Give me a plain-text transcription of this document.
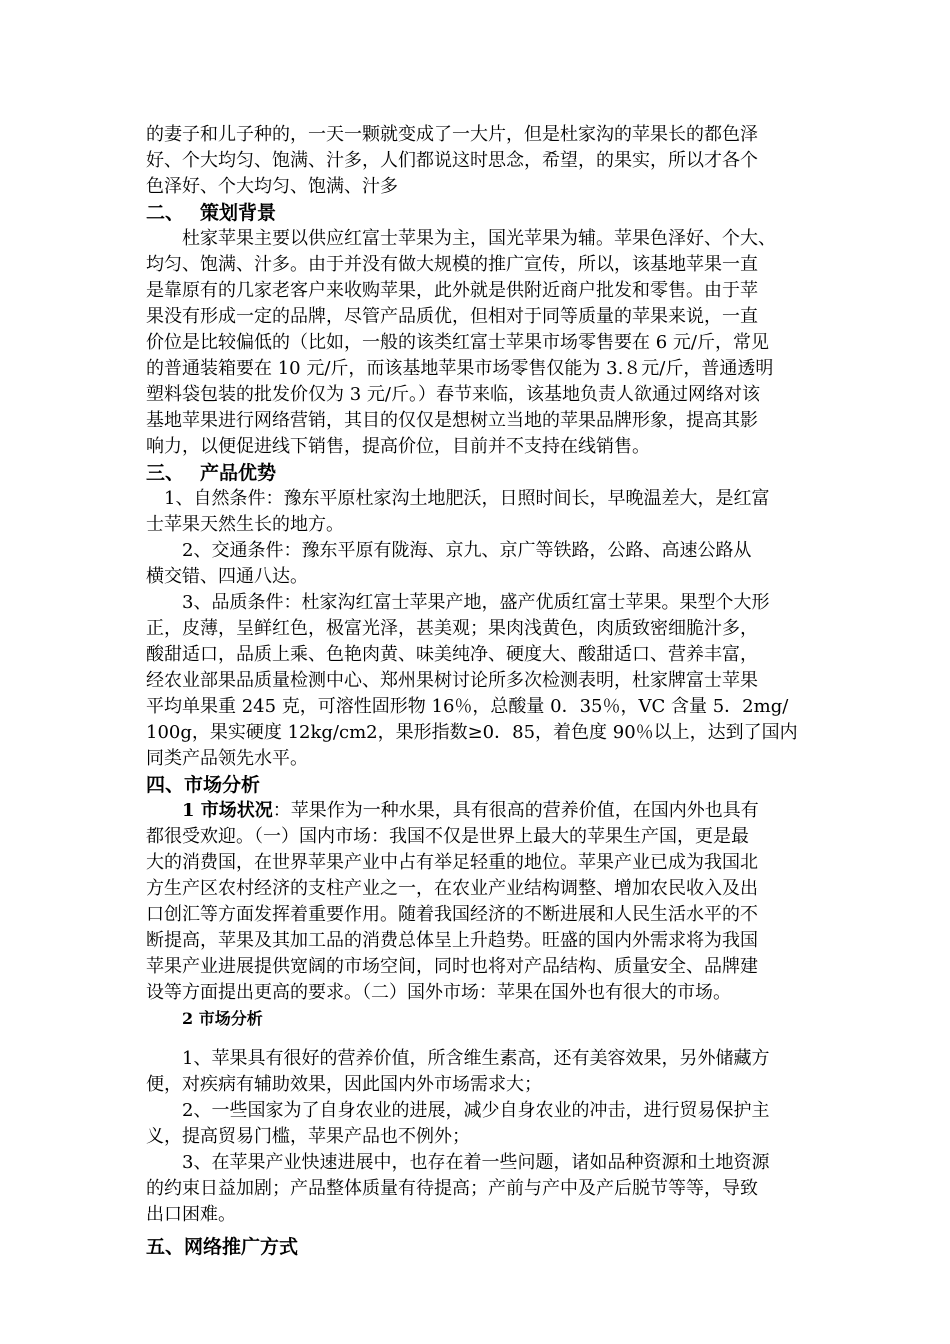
的妻子和儿子种的，一天一颗就变成了一大片，但是杜家沟的苹果长的都色泽
好、个大均匀、饱满、汁多，人们都说这时思念，希望，的果实，所以才各个
色泽好、个大均匀、饱满、汁多
二、 策划背景
杜家苹果主要以供应红富士苹果为主，国光苹果为辅。苹果色泽好、个大、
均匀、饱满、汁多。由于并没有做大规模的推广宣传，所以，该基地苹果一直
是靠原有的几家老客户来收购苹果，此外就是供附近商户批发和零售。由于苹
果没有形成一定的品牌，尽管产品质优，但相对于同等质量的苹果来说，一直
价位是比较偏低的（比如，一般的该类红富士苹果市场零售要在 6 元/斤，常见
的普通装箱要在 10 元/斤，而该基地苹果市场零售仅能为 3.８元/斤，普通透明
塑料袋包装的批发价仅为 3 元/斤。）春节来临，该基地负责人欲通过网络对该
基地苹果进行网络营销，其目的仅仅是想树立当地的苹果品牌形象，提高其影
响力，以便促进线下销售，提高价位，目前并不支持在线销售。
三、 产品优势
1、自然条件：豫东平原杜家沟土地肥沃，日照时间长，早晚温差大，是红富
士苹果天然生长的地方。
2、交通条件：豫东平原有陇海、京九、京广等铁路，公路、高速公路从
横交错、四通八达。
3、品质条件：杜家沟红富士苹果产地，盛产优质红富士苹果。果型个大形
正，皮薄，呈鲜红色，极富光泽，甚美观；果肉浅黄色，肉质致密细脆汁多，
酸甜适口，品质上乘、色艳肉黄、味美纯净、硬度大、酸甜适口、营养丰富，
经农业部果品质量检测中心、郑州果树讨论所多次检测表明，杜家牌富士苹果
平均单果重 245 克，可溶性固形物 16％，总酸量 0．35％，VC 含量 5．2mg/
100g，果实硬度 12kg/cm2，果形指数≥0．85，着色度 90％以上，达到了国内
同类产品领先水平。
四、市场分析
1 市场状况：苹果作为一种水果，具有很高的营养价值，在国内外也具有
都很受欢迎。（一）国内市场：我国不仅是世界上最大的苹果生产国，更是最
大的消费国，在世界苹果产业中占有举足轻重的地位。苹果产业已成为我国北
方生产区农村经济的支柱产业之一，在农业产业结构调整、增加农民收入及出
口创汇等方面发挥着重要作用。随着我国经济的不断进展和人民生活水平的不
断提高，苹果及其加工品的消费总体呈上升趋势。旺盛的国内外需求将为我国
苹果产业进展提供宽阔的市场空间，同时也将对产品结构、质量安全、品牌建
设等方面提出更高的要求。（二）国外市场：苹果在国外也有很大的市场。
2 市场分析
1、苹果具有很好的营养价值，所含维生素高，还有美容效果，另外储藏方
便，对疾病有辅助效果，因此国内外市场需求大；
2、一些国家为了自身农业的进展，减少自身农业的冲击，进行贸易保护主
义，提高贸易门槛，苹果产品也不例外；
3、在苹果产业快速进展中，也存在着一些问题，诸如品种资源和土地资源
的约束日益加剧；产品整体质量有待提高；产前与产中及产后脱节等等，导致
出口困难。
五、网络推广方式
